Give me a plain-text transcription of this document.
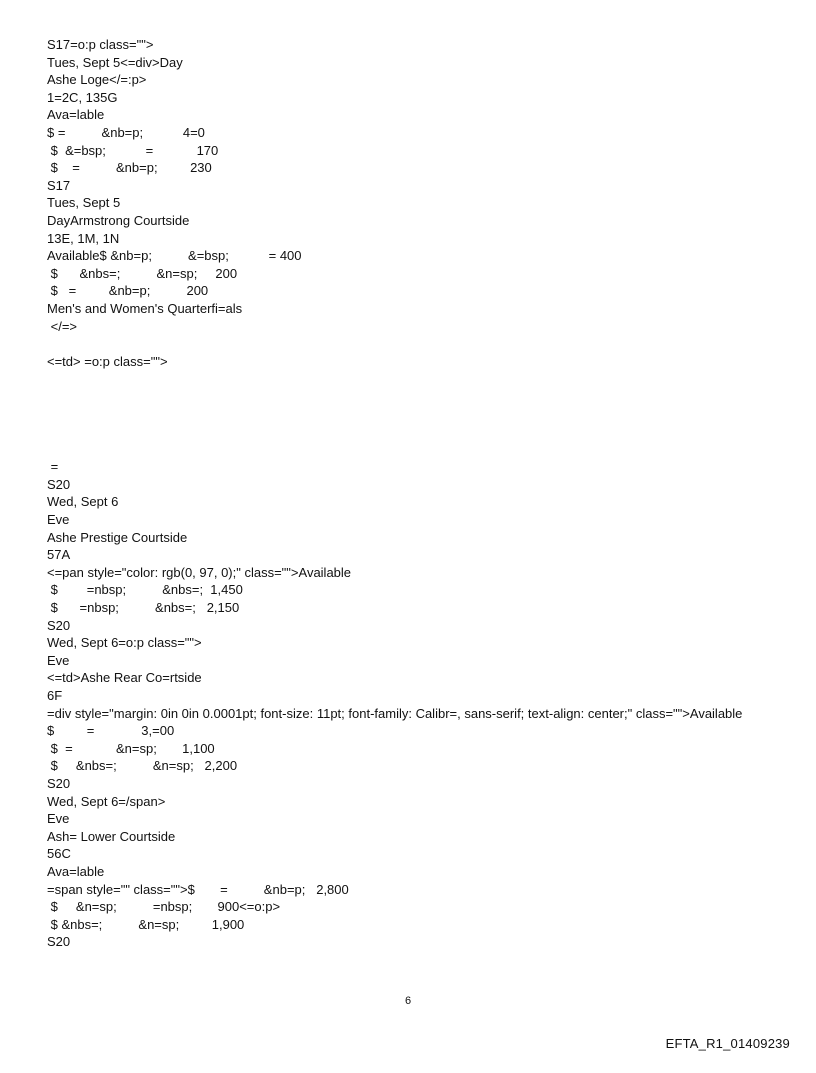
S17=o:p class="">
Tues, Sept 5<=div>Day
Ashe Loge</=:p>
1=2C, 135G
Ava=lable
$ =          &nb=p;           4=0
$  &=bsp;           =            170
$    =          &nb=p;         230
S17
Tues, Sept 5
DayArmstrong Courtside
13E, 1M, 1N
Available$ &nb=p;          &=bsp;           = 400
$      &nbs=;          &n=sp;     200
$   =         &nb=p;          200
Men's and Women's Quarterfi=als
</=>
<=td> =o:p class="">
=
S20
Wed, Sept 6
Eve
Ashe Prestige Courtside
57A
<=pan style="color: rgb(0, 97, 0);" class="">Available
$        =nbsp;          &nbs=;  1,450
$      =nbsp;          &nbs=;   2,150
S20
Wed, Sept 6=o:p class="">
Eve
<=td>Ashe Rear Co=rtside
6F
=div style="margin: 0in 0in 0.0001pt; font-size: 11pt; font-family: Calibr=, sans-serif; text-align: center;" class="">Available
$         =             3,=00
$  =            &n=sp;       1,100
$     &nbs=;          &n=sp;   2,200
S20
Wed, Sept 6=/span>
Eve
Ash= Lower Courtside
56C
Ava=lable
=span style="" class="">$       =          &nb=p;   2,800
$     &n=sp;          =nbsp;       900<=o:p>
$ &nbs=;          &n=sp;         1,900
S20
6
EFTA_R1_01409239
